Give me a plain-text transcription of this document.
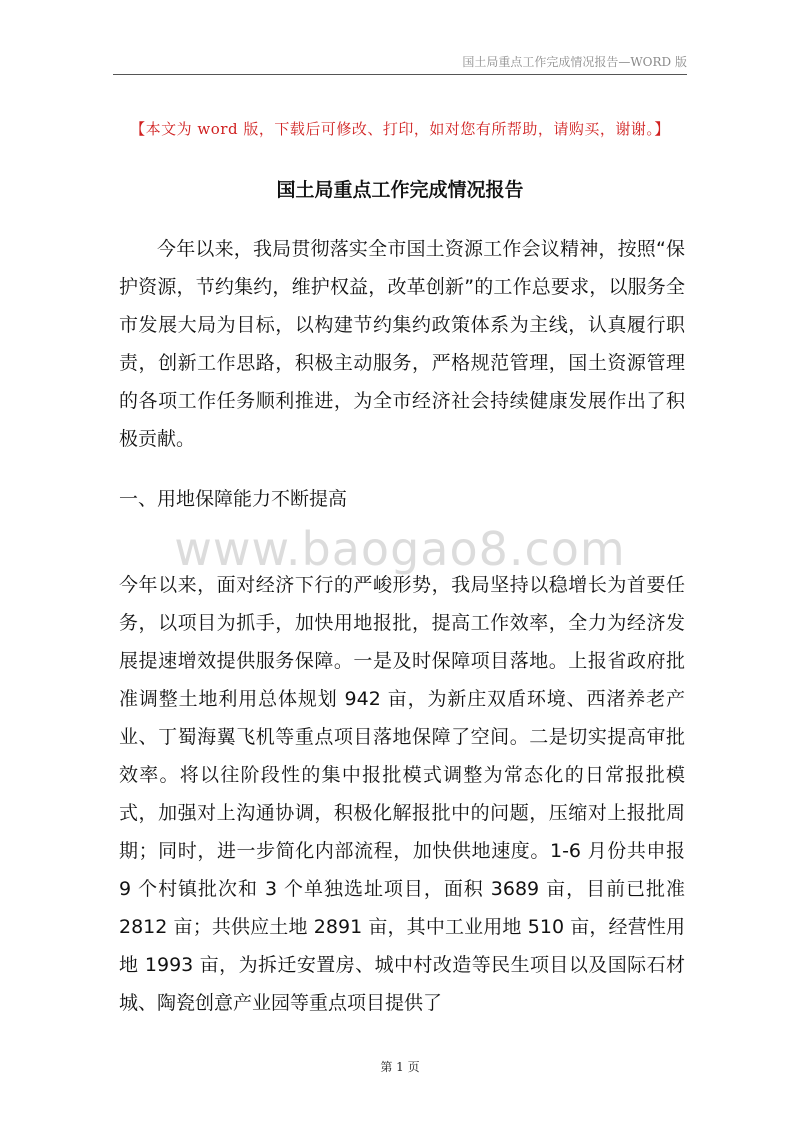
国土局重点工作完成情况报告—WORD 版
【本文为 word 版，下载后可修改、打印，如对您有所帮助，请购买，谢谢。】
国土局重点工作完成情况报告

今年以来，我局贯彻落实全市国土资源工作会议精神，按照“保护资源，节约集约，维护权益，改革创新”的工作总要求，以服务全市发展大局为目标，以构建节约集约政策体系为主线，认真履行职责，创新工作思路，积极主动服务，严格规范管理，国土资源管理的各项工作任务顺利推进，为全市经济社会持续健康发展作出了积极贡献。

一、用地保障能力不断提高
www.baogao8.com

今年以来，面对经济下行的严峻形势，我局坚持以稳增长为首要任务，以项目为抓手，加快用地报批，提高工作效率，全力为经济发展提速增效提供服务保障。一是及时保障项目落地。上报省政府批准调整土地利用总体规划 942 亩，为新庄双盾环境、西渚养老产业、丁蜀海翼飞机等重点项目落地保障了空间。二是切实提高审批效率。将以往阶段性的集中报批模式调整为常态化的日常报批模式，加强对上沟通协调，积极化解报批中的问题，压缩对上报批周期；同时，进一步简化内部流程，加快供地速度。1-6 月份共申报 9 个村镇批次和 3 个单独选址项目，面积 3689 亩，目前已批准 2812 亩；共供应土地 2891 亩，其中工业用地 510 亩，经营性用地 1993 亩，为拆迁安置房、城中村改造等民生项目以及国际石材城、陶瓷创意产业园等重点项目提供了

第 1 页
